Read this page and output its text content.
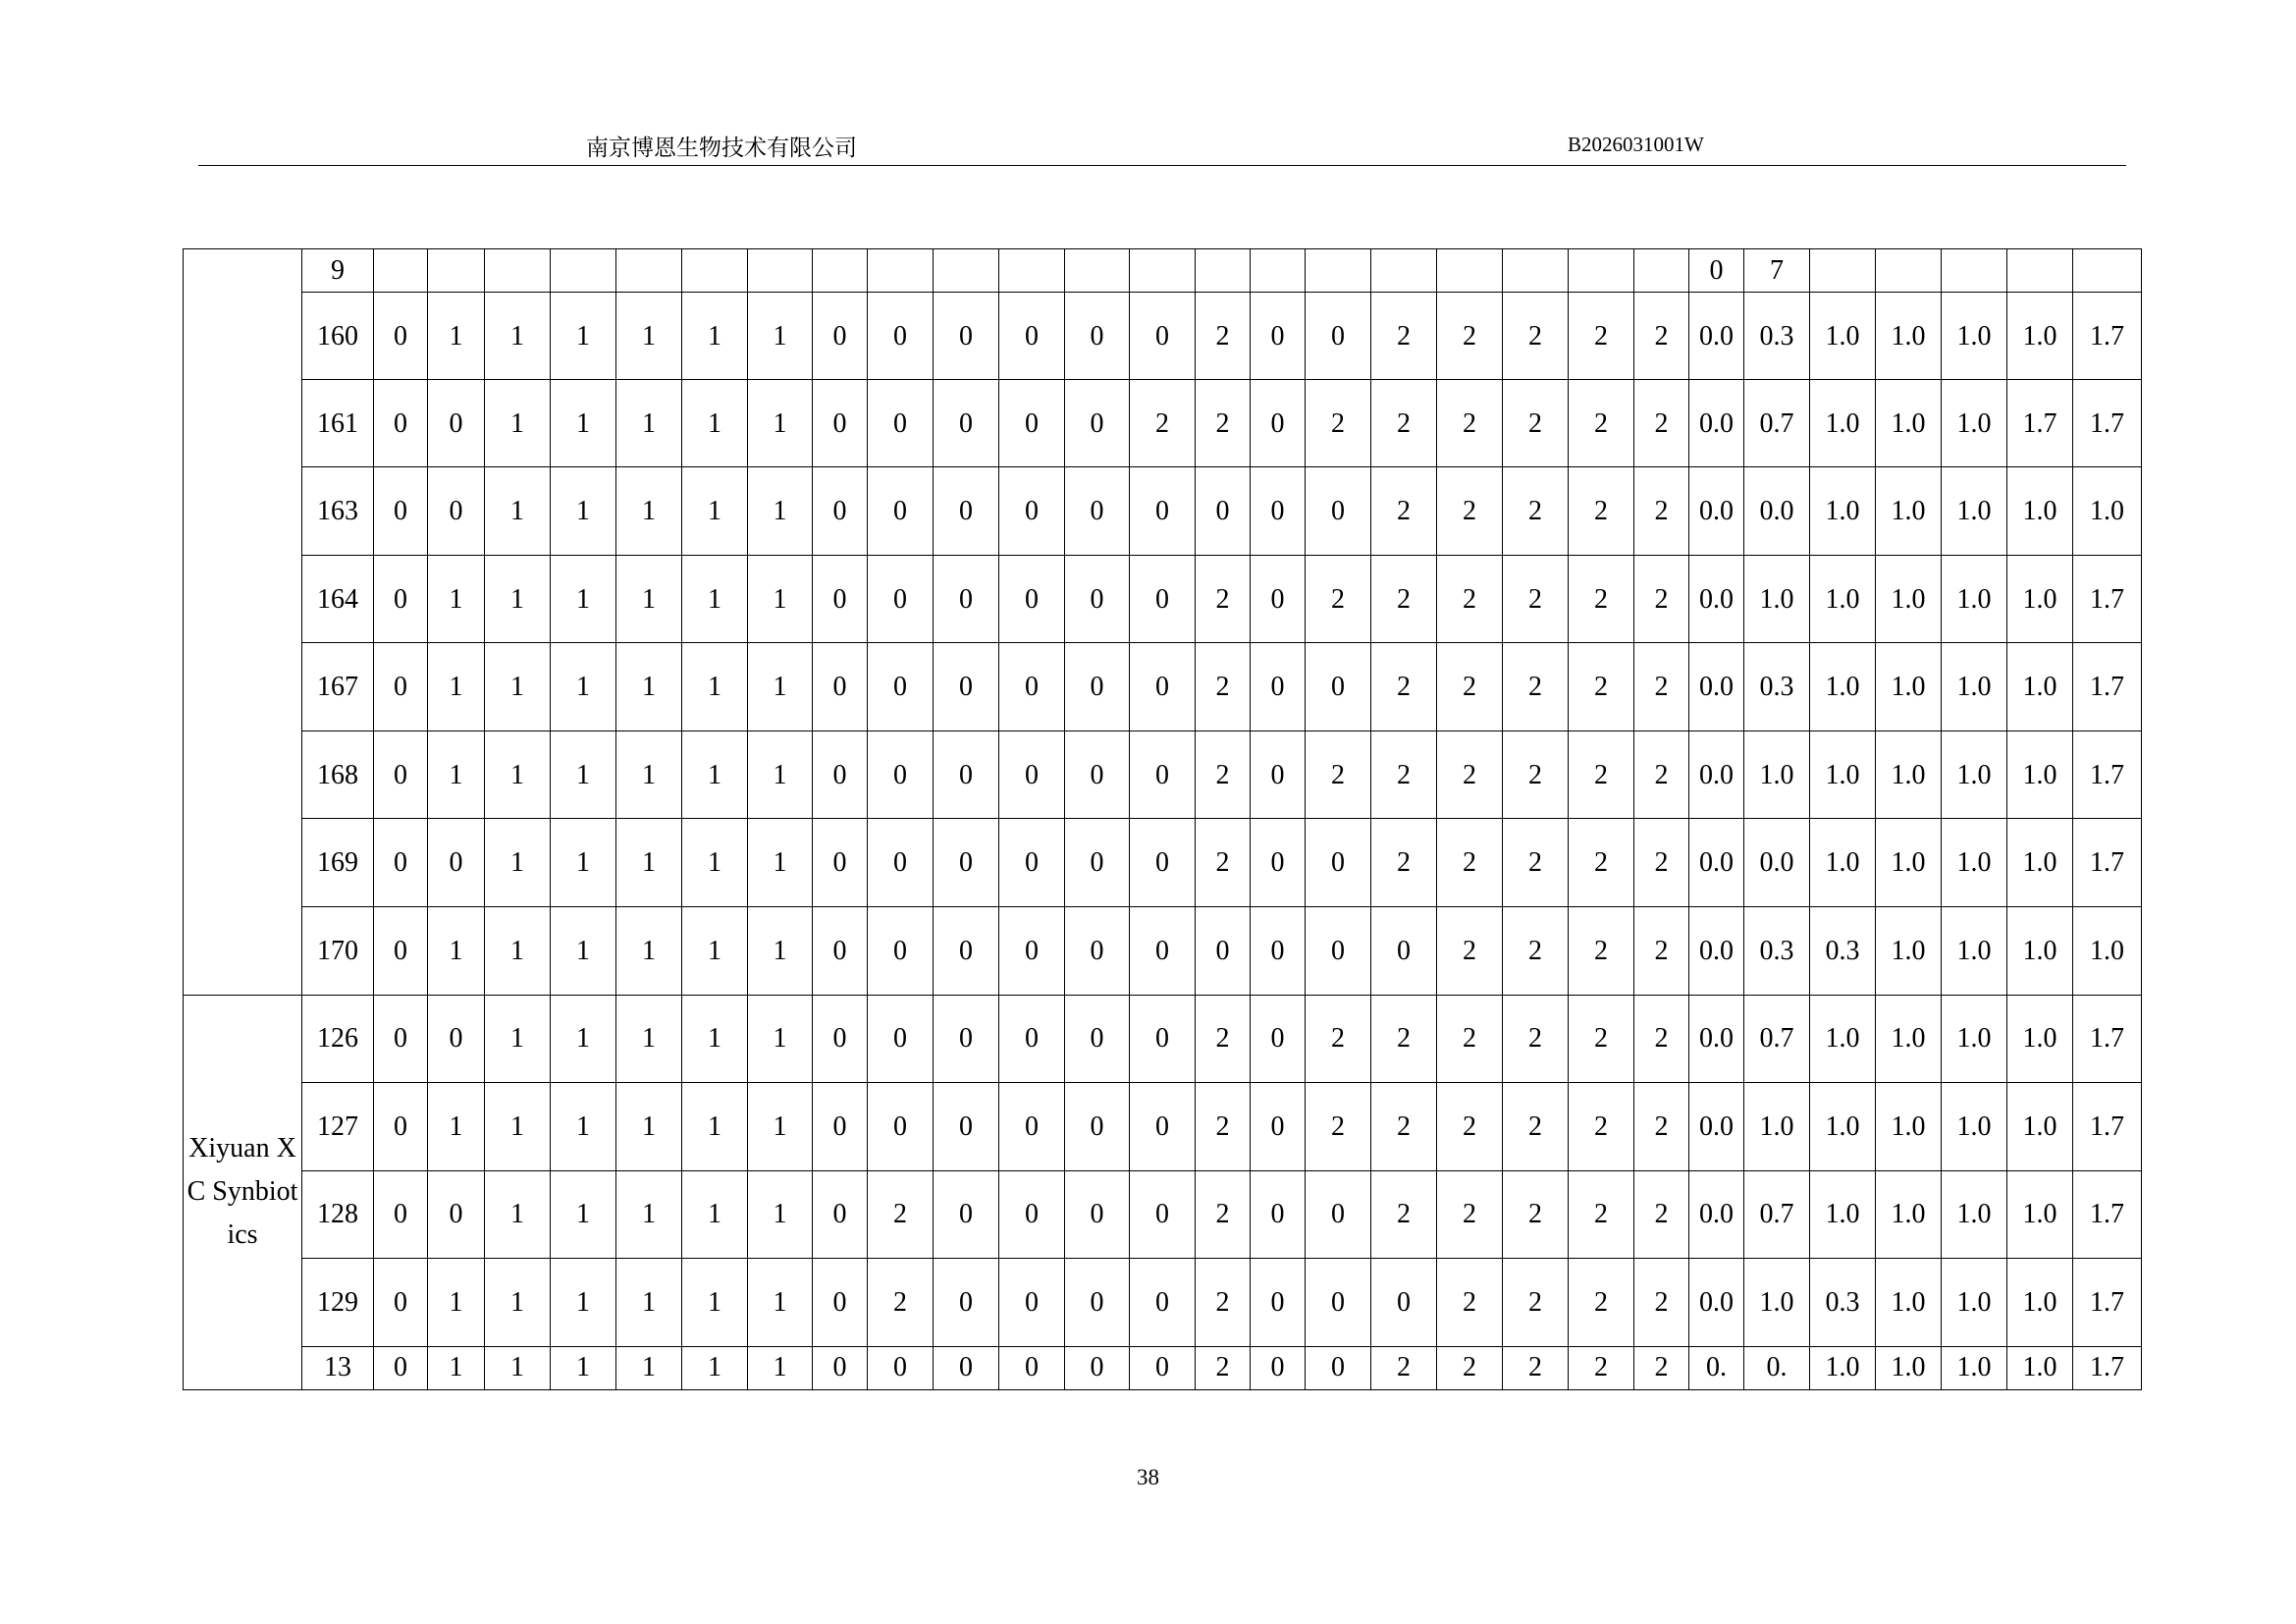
南京博恩生物技术有限公司	B2026031001W
	9																						0	7					
	160	0	1	1	1	1	1	1	0	0	0	0	0	0	2	0	0	2	2	2	2	2	0.0	0.3	1.0	1.0	1.0	1.0	1.7
	161	0	0	1	1	1	1	1	0	0	0	0	0	2	2	0	2	2	2	2	2	2	0.0	0.7	1.0	1.0	1.0	1.7	1.7
	163	0	0	1	1	1	1	1	0	0	0	0	0	0	0	0	0	2	2	2	2	2	0.0	0.0	1.0	1.0	1.0	1.0	1.0
	164	0	1	1	1	1	1	1	0	0	0	0	0	0	2	0	2	2	2	2	2	2	0.0	1.0	1.0	1.0	1.0	1.0	1.7
	167	0	1	1	1	1	1	1	0	0	0	0	0	0	2	0	0	2	2	2	2	2	0.0	0.3	1.0	1.0	1.0	1.0	1.7
	168	0	1	1	1	1	1	1	0	0	0	0	0	0	2	0	2	2	2	2	2	2	0.0	1.0	1.0	1.0	1.0	1.0	1.7
	169	0	0	1	1	1	1	1	0	0	0	0	0	0	2	0	0	2	2	2	2	2	0.0	0.0	1.0	1.0	1.0	1.0	1.7
	170	0	1	1	1	1	1	1	0	0	0	0	0	0	0	0	0	0	2	2	2	2	0.0	0.3	0.3	1.0	1.0	1.0	1.0
Xiyuan XC Synbiotics	126	0	0	1	1	1	1	1	0	0	0	0	0	0	2	0	2	2	2	2	2	2	0.0	0.7	1.0	1.0	1.0	1.0	1.7
	127	0	1	1	1	1	1	1	0	0	0	0	0	0	2	0	2	2	2	2	2	2	0.0	1.0	1.0	1.0	1.0	1.0	1.7
	128	0	0	1	1	1	1	1	0	2	0	0	0	0	2	0	0	2	2	2	2	2	0.0	0.7	1.0	1.0	1.0	1.0	1.7
	129	0	1	1	1	1	1	1	0	2	0	0	0	0	2	0	0	0	2	2	2	2	0.0	1.0	0.3	1.0	1.0	1.0	1.7
	13	0	1	1	1	1	1	1	0	0	0	0	0	0	2	0	0	2	2	2	2	2	0.	0.	1.0	1.0	1.0	1.0	1.7
38
